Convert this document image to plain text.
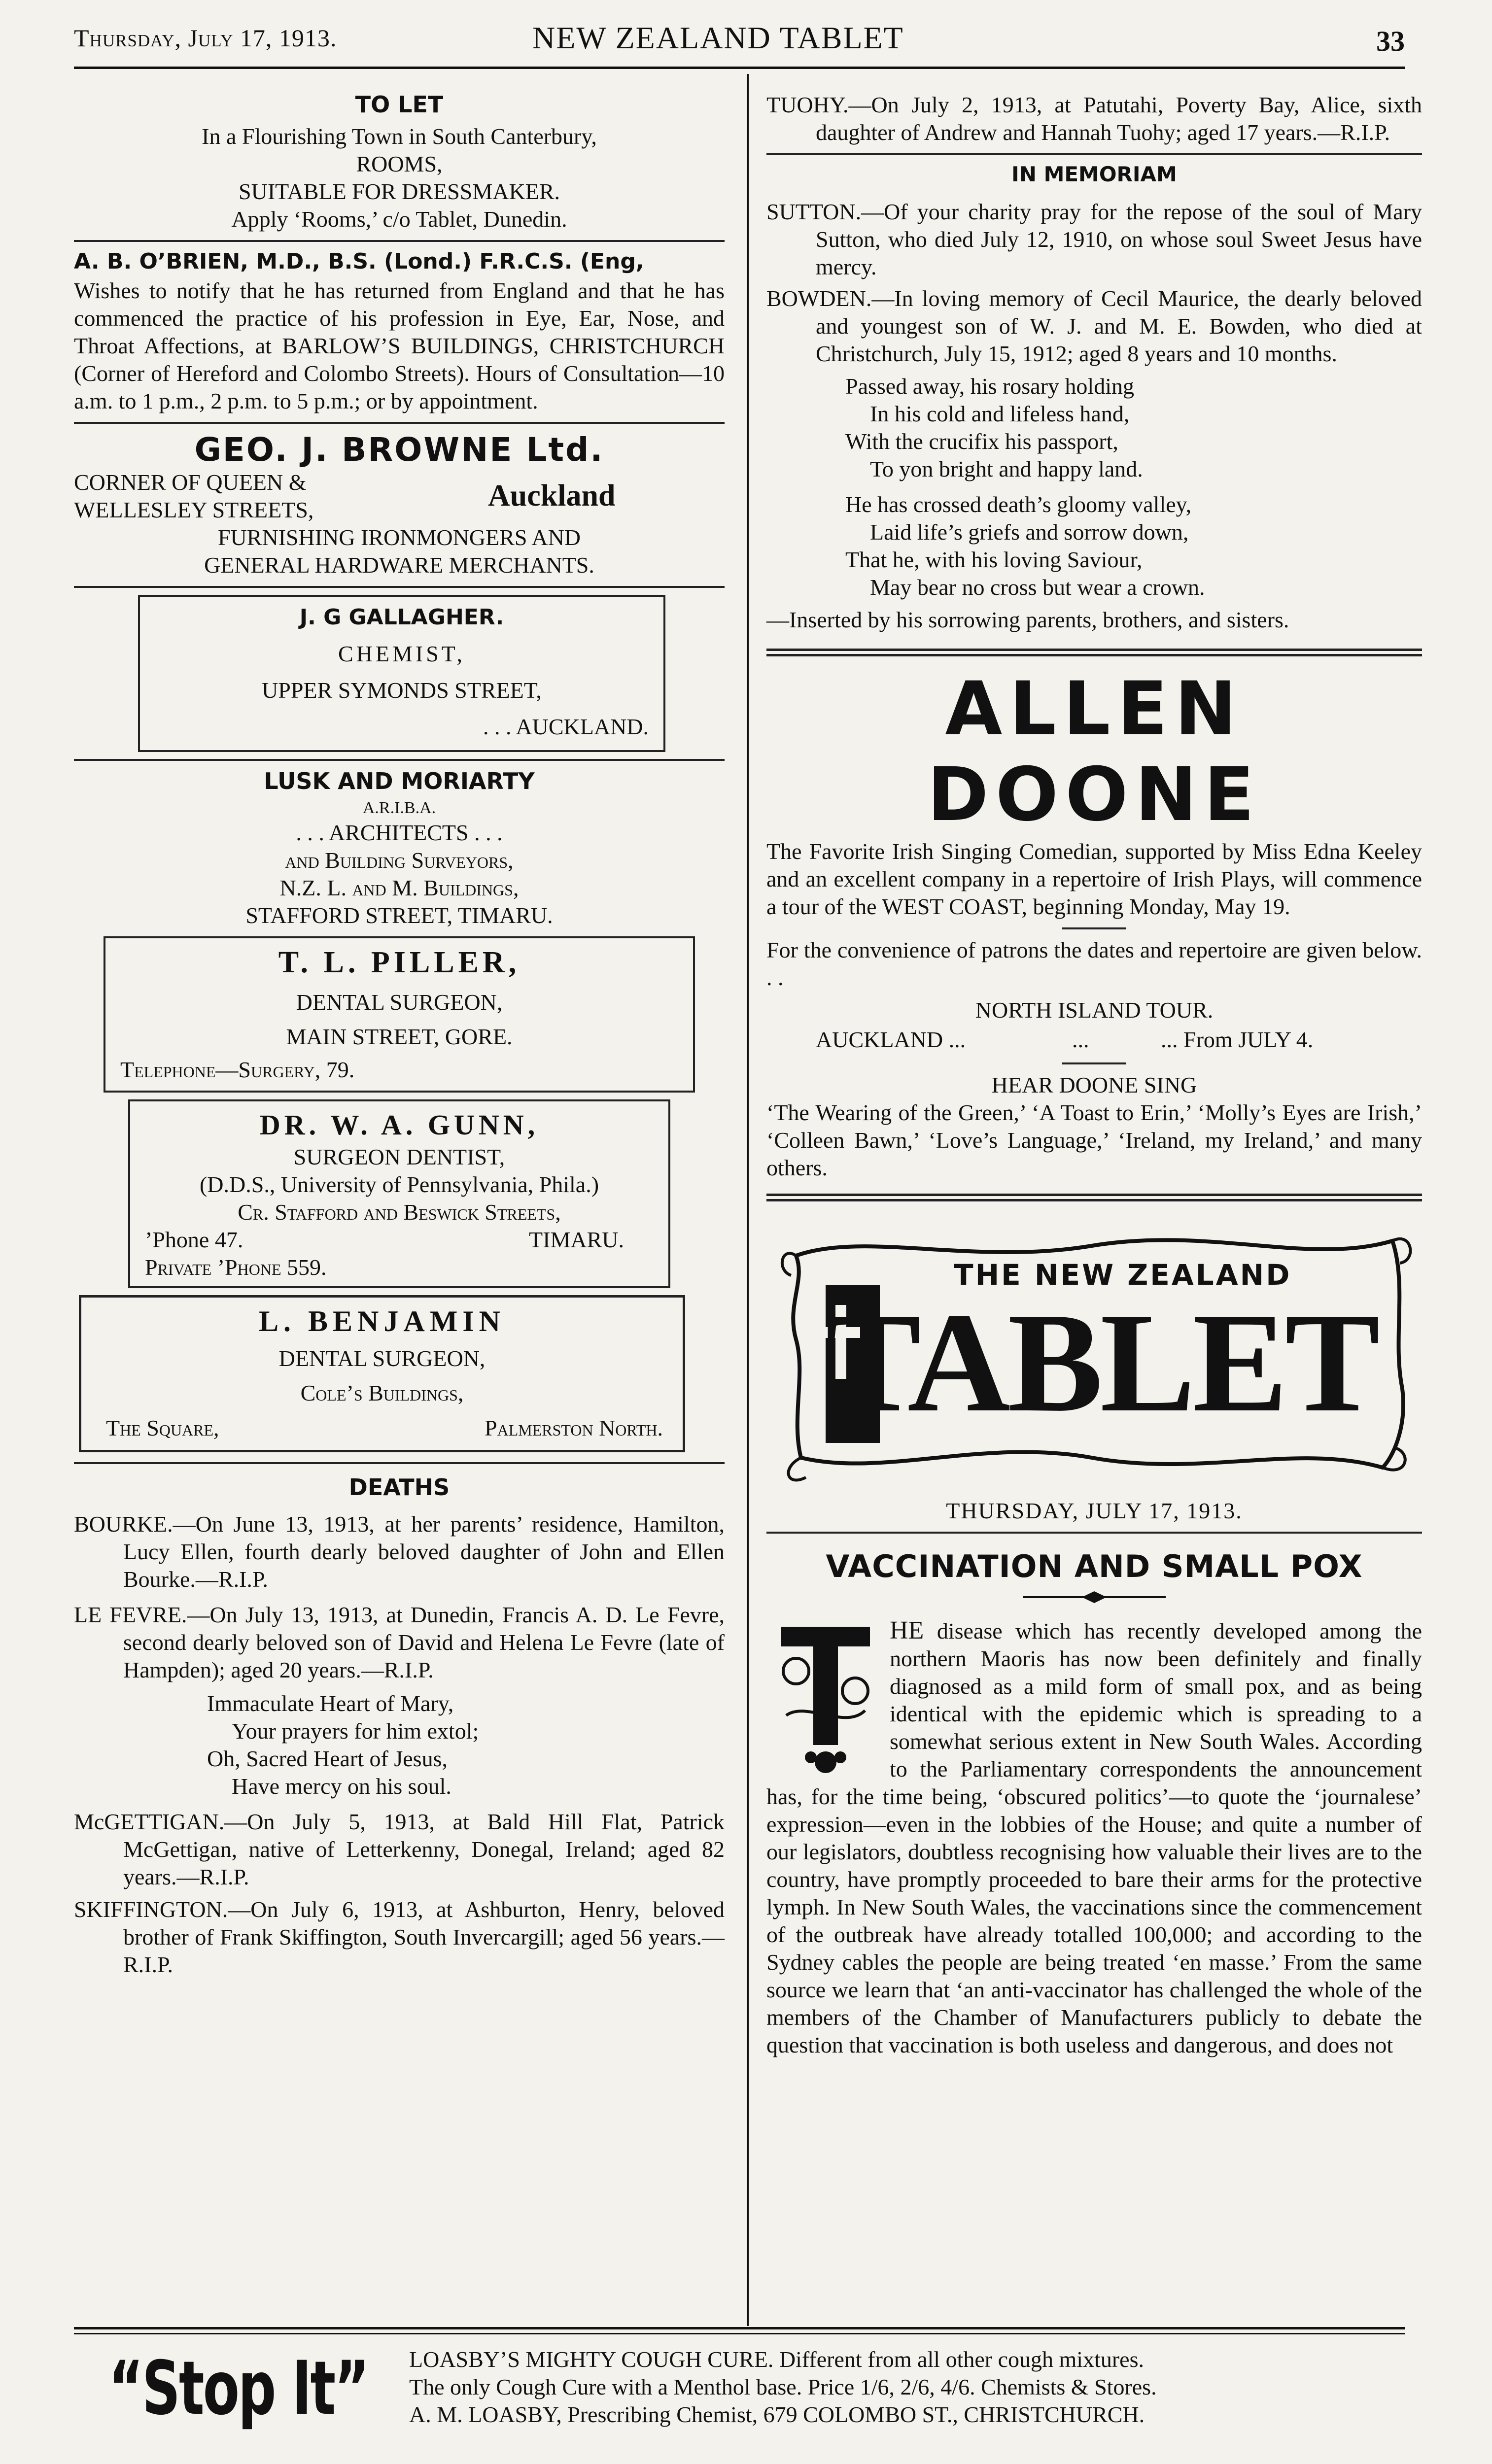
Thursday, July 17, 1913.	NEW ZEALAND TABLET	33

TO LET

In a Flourishing Town in South Canterbury,

ROOMS,

SUITABLE FOR DRESSMAKER.

Apply ‘Rooms,’ c/o Tablet, Dunedin.

A. B. O’BRIEN, M.D., B.S. (Lond.) F.R.C.S. (Eng,

Wishes to notify that he has returned from England and that he has commenced the practice of his profession in Eye, Ear, Nose, and Throat Affections, at BARLOW’S BUILDINGS, CHRISTCHURCH (Corner of Hereford and Colombo Streets). Hours of Consultation—10 a.m. to 1 p.m., 2 p.m. to 5 p.m.; or by appointment.

GEO. J. BROWNE Ltd.

CORNER OF QUEEN &

WELLESLEY STREETS,	Auckland

FURNISHING IRONMONGERS AND

GENERAL HARDWARE MERCHANTS.

J. G GALLAGHER.

CHEMIST,

UPPER SYMONDS STREET,

. . . AUCKLAND.

LUSK AND MORIARTY

A.R.I.B.A.

. . . ARCHITECTS . . .

and Building Surveyors,

N.Z. L. and M. Buildings,

STAFFORD STREET, TIMARU.

T. L. PILLER,

DENTAL SURGEON,

MAIN STREET, GORE.

Telephone—Surgery, 79.

DR. W. A. GUNN,

SURGEON DENTIST,

(D.D.S., University of Pennsylvania, Phila.)

Cr. Stafford and Beswick Streets,

’Phone 47.	TIMARU.

Private ’Phone 559.

L. BENJAMIN

DENTAL SURGEON,

Cole’s Buildings,

The Square,	Palmerston North.

DEATHS

BOURKE.—On June 13, 1913, at her parents’ residence, Hamilton, Lucy Ellen, fourth dearly beloved daughter of John and Ellen Bourke.—R.I.P.

LE FEVRE.—On July 13, 1913, at Dunedin, Francis A. D. Le Fevre, second dearly beloved son of David and Helena Le Fevre (late of Hampden); aged 20 years.—R.I.P.

Immaculate Heart of Mary,

Your prayers for him extol;

Oh, Sacred Heart of Jesus,

Have mercy on his soul.

McGETTIGAN.—On July 5, 1913, at Bald Hill Flat, Patrick McGettigan, native of Letterkenny, Donegal, Ireland; aged 82 years.—R.I.P.

SKIFFINGTON.—On July 6, 1913, at Ashburton, Henry, beloved brother of Frank Skiffington, South Invercargill; aged 56 years.—R.I.P.

TUOHY.—On July 2, 1913, at Patutahi, Poverty Bay, Alice, sixth daughter of Andrew and Hannah Tuohy; aged 17 years.—R.I.P.

IN MEMORIAM

SUTTON.—Of your charity pray for the repose of the soul of Mary Sutton, who died July 12, 1910, on whose soul Sweet Jesus have mercy.

BOWDEN.—In loving memory of Cecil Maurice, the dearly beloved and youngest son of W. J. and M. E. Bowden, who died at Christchurch, July 15, 1912; aged 8 years and 10 months.

Passed away, his rosary holding

In his cold and lifeless hand,

With the crucifix his passport,

To yon bright and happy land.

He has crossed death’s gloomy valley,

Laid life’s griefs and sorrow down,

That he, with his loving Saviour,

May bear no cross but wear a crown.

—Inserted by his sorrowing parents, brothers, and sisters.

ALLEN DOONE

The Favorite Irish Singing Comedian, supported by Miss Edna Keeley and an excellent company in a repertoire of Irish Plays, will commence a tour of the WEST COAST, beginning Monday, May 19.

For the convenience of patrons the dates and repertoire are given below. . .

NORTH ISLAND TOUR.

AUCKLAND ...	...	... From JULY 4.

HEAR DOONE SING

‘The Wearing of the Green,’ ‘A Toast to Erin,’ ‘Molly’s Eyes are Irish,’ ‘Colleen Bawn,’ ‘Love’s Language,’ ‘Ireland, my Ireland,’ and many others.

THE NEW ZEALAND
TABLET

THURSDAY, JULY 17, 1913.

VACCINATION AND SMALL POX

HE disease which has recently developed among the northern Maoris has now been definitely and finally diagnosed as a mild form of small pox, and as being identical with the epidemic which is spreading to a somewhat serious extent in New South Wales. According to the Parliamentary correspondents the announcement has, for the time being, ‘obscured politics’—to quote the ‘journalese’ expression—even in the lobbies of the House; and quite a number of our legislators, doubtless recognising how valuable their lives are to the country, have promptly proceeded to bare their arms for the protective lymph. In New South Wales, the vaccinations since the commencement of the outbreak have already totalled 100,000; and according to the Sydney cables the people are being treated ‘en masse.’ From the same source we learn that ‘an anti-vaccinator has challenged the whole of the members of the Chamber of Manufacturers publicly to debate the question that vaccination is both useless and dangerous, and does not

“Stop It” LOASBY’S MIGHTY COUGH CURE. Different from all other cough mixtures.

The only Cough Cure with a Menthol base. Price 1/6, 2/6, 4/6. Chemists & Stores.

A. M. LOASBY, Prescribing Chemist, 679 COLOMBO ST., CHRISTCHURCH.
